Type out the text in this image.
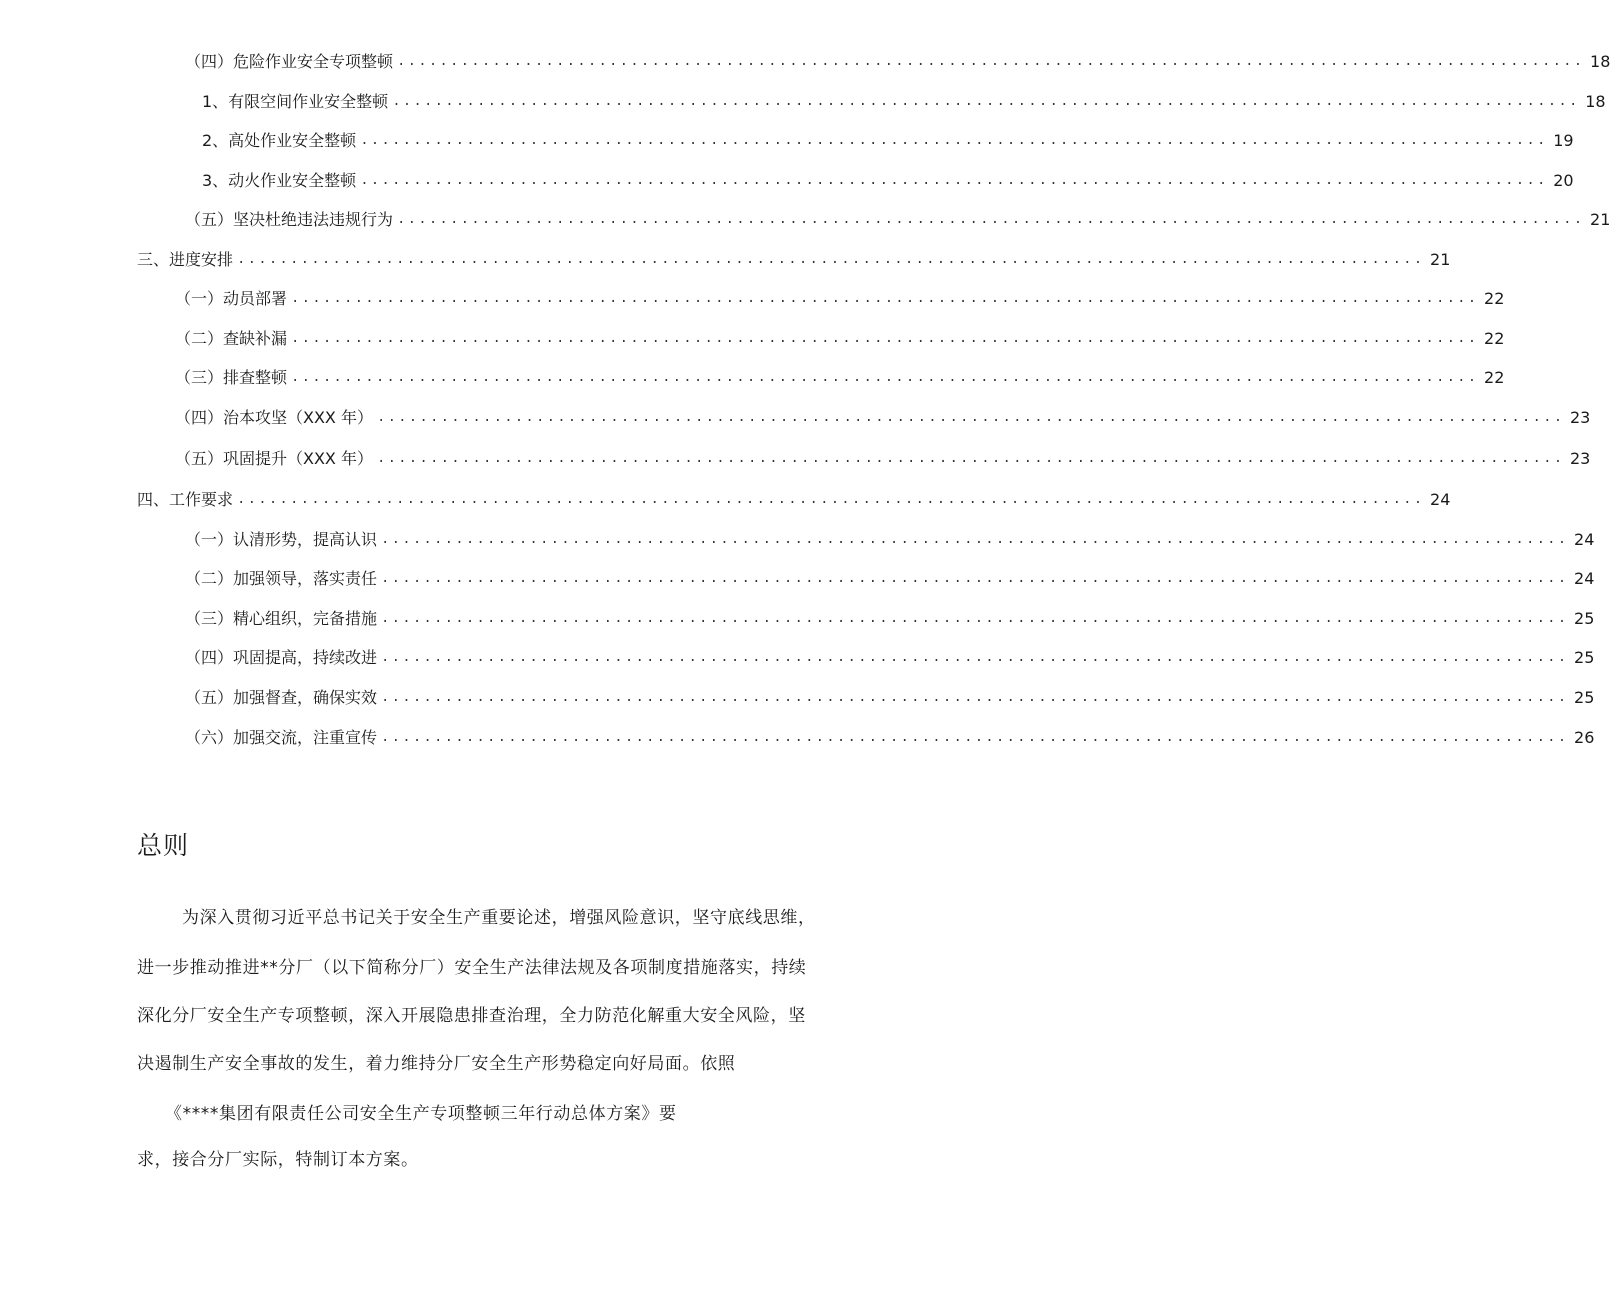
（四）危险作业安全专项整顿 ................................................................................................................ 18
1、有限空间作业安全整顿 ................................................................................................................ 18
2、高处作业安全整顿 ................................................................................................................ 19
3、动火作业安全整顿 ................................................................................................................ 20
（五）坚决杜绝违法违规行为 ................................................................................................................ 21
三、进度安排 ................................................................................................................ 21
（一）动员部署 ................................................................................................................ 22
（二）查缺补漏 ................................................................................................................ 22
（三）排查整顿 ................................................................................................................ 22
（四）治本攻坚（XXX 年） ................................................................................................................ 23
（五）巩固提升（XXX 年） ................................................................................................................ 23
四、工作要求 ................................................................................................................ 24
（一）认清形势，提高认识 ................................................................................................................ 24
（二）加强领导，落实责任 ................................................................................................................ 24
（三）精心组织，完备措施 ................................................................................................................ 25
（四）巩固提高，持续改进 ................................................................................................................ 25
（五）加强督查，确保实效 ................................................................................................................ 25
（六）加强交流，注重宣传 ................................................................................................................ 26
总则
为深入贯彻习近平总书记关于安全生产重要论述，增强风险意识，坚守底线思维，
进一步推动推进**分厂（以下简称分厂）安全生产法律法规及各项制度措施落实，持续
深化分厂安全生产专项整顿，深入开展隐患排查治理，全力防范化解重大安全风险，坚
决遏制生产安全事故的发生，着力维持分厂安全生产形势稳定向好局面。依照
《****集团有限责任公司安全生产专项整顿三年行动总体方案》要
求，接合分厂实际，特制订本方案。
